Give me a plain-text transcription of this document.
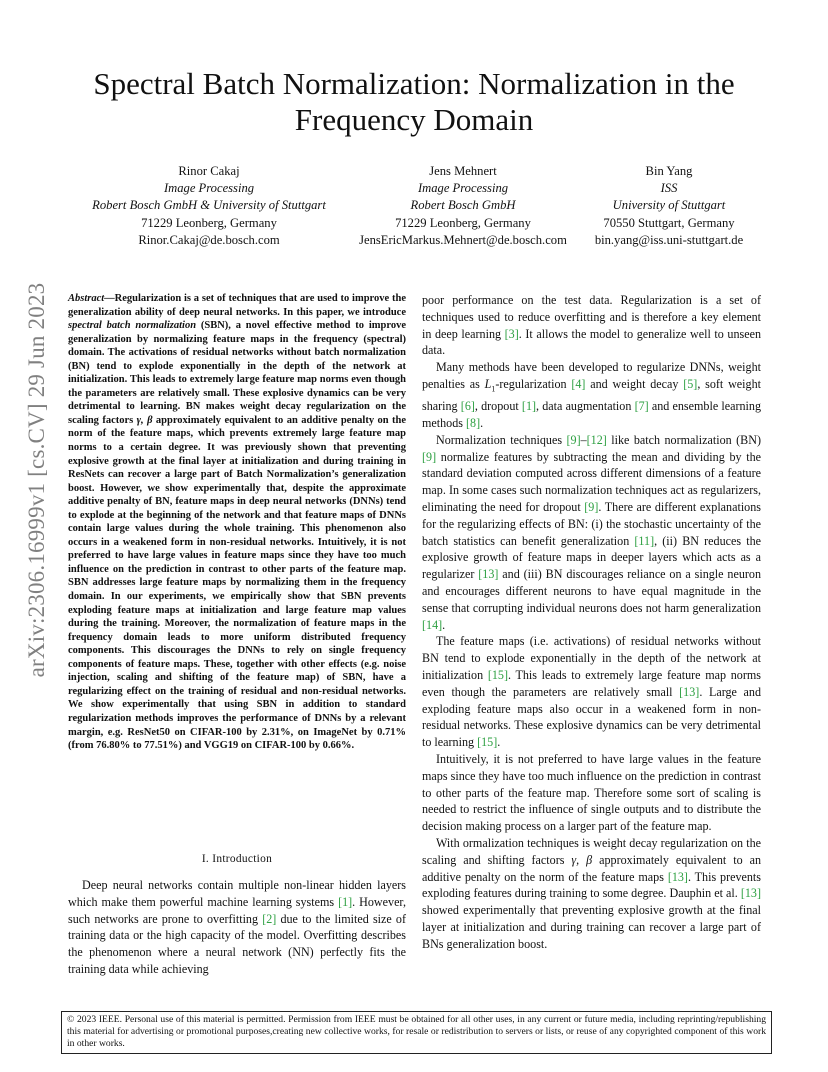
Spectral Batch Normalization: Normalization in the
Frequency Domain
Rinor Cakaj
Image Processing
Robert Bosch GmbH & University of Stuttgart
71229 Leonberg, Germany
Rinor.Cakaj@de.bosch.com
Jens Mehnert
Image Processing
Robert Bosch GmbH
71229 Leonberg, Germany
JensEricMarkus.Mehnert@de.bosch.com
Bin Yang
ISS
University of Stuttgart
70550 Stuttgart, Germany
bin.yang@iss.uni-stuttgart.de
arXiv:2306.16999v1 [cs.CV] 29 Jun 2023 Abstract—Regularization is a set of techniques that are used to improve the generalization ability of deep neural networks. In this paper, we introduce spectral batch normalization (SBN), a novel effective method to improve generalization by normalizing feature maps in the frequency (spectral) domain. The activations of residual networks without batch normalization (BN) tend to explode exponentially in the depth of the network at initialization. This leads to extremely large feature map norms even though the parameters are relatively small. These explosive dynamics can be very detrimental to learning. BN makes weight decay regularization on the scaling factors γ, β approximately equivalent to an additive penalty on the norm of the feature maps, which prevents extremely large feature map norms to a certain degree. It was previously shown that preventing explosive growth at the final layer at initialization and during training in ResNets can recover a large part of Batch Normalization’s generalization boost. However, we show experimentally that, despite the approximate additive penalty of BN, feature maps in deep neural networks (DNNs) tend to explode at the beginning of the network and that feature maps of DNNs contain large values during the whole training. This phenomenon also occurs in a weakened form in non-residual networks. Intuitively, it is not preferred to have large values in feature maps since they have too much influence on the prediction in contrast to other parts of the feature map. SBN addresses large feature maps by normalizing them in the frequency domain. In our experiments, we empirically show that SBN prevents exploding feature maps at initialization and large feature map values during the training. Moreover, the normalization of feature maps in the frequency domain leads to more uniform distributed frequency components. This discourages the DNNs to rely on single frequency components of feature maps. These, together with other effects (e.g. noise injection, scaling and shifting of the feature map) of SBN, have a regularizing effect on the training of residual and non-residual networks. We show experimentally that using SBN in addition to standard regularization methods improves the performance of DNNs by a relevant margin, e.g. ResNet50 on CIFAR-100 by 2.31%, on ImageNet by 0.71% (from 76.80% to 77.51%) and VGG19 on CIFAR-100 by 0.66%.
I. Introduction

Deep neural networks contain multiple non-linear hidden layers which make them powerful machine learning systems [1]. However, such networks are prone to overfitting [2] due to the limited size of training data or the high capacity of the model. Overfitting describes the phenomenon where a neural network (NN) perfectly fits the training data while achieving

poor performance on the test data. Regularization is a set of techniques used to reduce overfitting and is therefore a key element in deep learning [3]. It allows the model to generalize well to unseen data.

Many methods have been developed to regularize DNNs, weight penalties as $L_1$-regularization [4] and weight decay [5], soft weight sharing [6], dropout [1], data augmentation [7] and ensemble learning methods [8].

Normalization techniques [9]–[12] like batch normalization (BN) [9] normalize features by subtracting the mean and dividing by the standard deviation computed across different dimensions of a feature map. In some cases such normalization techniques act as regularizers, eliminating the need for dropout [9]. There are different explanations for the regularizing effects of BN: (i) the stochastic uncertainty of the batch statistics can benefit generalization [11], (ii) BN reduces the explosive growth of feature maps in deeper layers which acts as a regularizer [13] and (iii) BN discourages reliance on a single neuron and encourages different neurons to have equal magnitude in the sense that corrupting individual neurons does not harm generalization [14].

The feature maps (i.e. activations) of residual networks without BN tend to explode exponentially in the depth of the network at initialization [15]. This leads to extremely large feature map norms even though the parameters are relatively small [13]. Large and exploding feature maps also occur in a weakened form in non-residual networks. These explosive dynamics can be very detrimental to learning [15].

Intuitively, it is not preferred to have large values in the feature maps since they have too much influence on the prediction in contrast to other parts of the feature map. Therefore some sort of scaling is needed to restrict the influence of single outputs and to distribute the decision making process on a larger part of the feature map.

With ormalization techniques is weight decay regularization on the scaling and shifting factors γ, β approximately equivalent to an additive penalty on the norm of the feature maps [13]. This prevents exploding features during training to some degree. Dauphin et al. [13] showed experimentally that preventing explosive growth at the final layer at initialization and during training can recover a large part of BNs generalization boost.

© 2023 IEEE. Personal use of this material is permitted. Permission from IEEE must be obtained for all other uses, in any current or future media, including reprinting/republishing this material for advertising or promotional purposes,creating new collective works, for resale or redistribution to servers or lists, or reuse of any copyrighted component of this work in other works.
